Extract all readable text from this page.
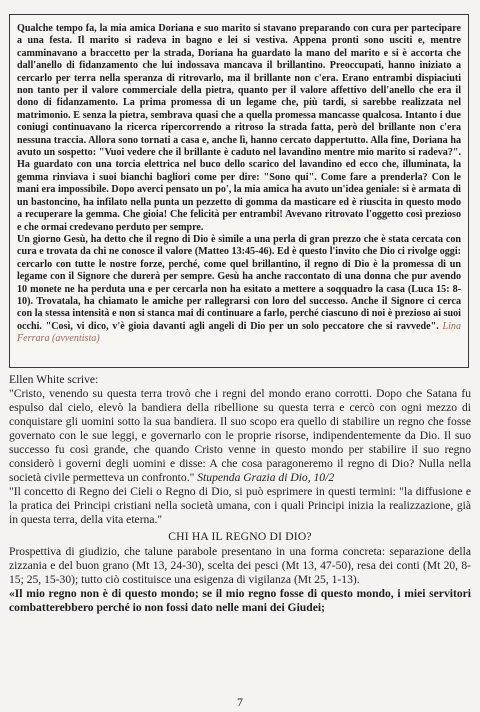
Qualche tempo fa, la mia amica Doriana e suo marito si stavano preparando con cura per partecipare a una festa. Il marito si radeva in bagno e lei si vestiva. Appena pronti sono usciti e, mentre camminavano a braccetto per la strada, Doriana ha guardato la mano del marito e si è accorta che dall'anello di fidanzamento che lui indossava mancava il brillantino. Preoccupati, hanno iniziato a cercarlo per terra nella speranza di ritrovarlo, ma il brillante non c'era. Erano entrambi dispiaciuti non tanto per il valore commerciale della pietra, quanto per il valore affettivo dell'anello che era il dono di fidanzamento. La prima promessa di un legame che, più tardi, si sarebbe realizzata nel matrimonio. E senza la pietra, sembrava quasi che a quella promessa mancasse qualcosa. Intanto i due coniugi continuavano la ricerca ripercorrendo a ritroso la strada fatta, però del brillante non c'era nessuna traccia. Allora sono tornati a casa e, anche lì, hanno cercato dappertutto. Alla fine, Doriana ha avuto un sospetto: "Vuoi vedere che il brillante è caduto nel lavandino mentre mio marito si radeva?". Ha guardato con una torcia elettrica nel buco dello scarico del lavandino ed ecco che, illuminata, la gemma rinviava i suoi bianchi bagliori come per dire: "Sono qui". Come fare a prenderla? Con le mani era impossibile. Dopo averci pensato un po', la mia amica ha avuto un'idea geniale: si è armata di un bastoncino, ha infilato nella punta un pezzetto di gomma da masticare ed è riuscita in questo modo a recuperare la gemma. Che gioia! Che felicità per entrambi! Avevano ritrovato l'oggetto così prezioso e che ormai credevano perduto per sempre.

Un giorno Gesù, ha detto che il regno di Dio è simile a una perla di gran prezzo che è stata cercata con cura e trovata da chi ne conosce il valore (Matteo 13:45-46). Ed è questo l'invito che Dio ci rivolge oggi: cercarlo con tutte le nostre forze, perché, come quel brillantino, il regno di Dio è la promessa di un legame con il Signore che durerà per sempre. Gesù ha anche raccontato di una donna che pur avendo 10 monete ne ha perduta una e per cercarla non ha esitato a mettere a soqquadro la casa (Luca 15: 8-10). Trovatala, ha chiamato le amiche per rallegrarsi con loro del successo. Anche il Signore ci cerca con la stessa intensità e non si stanca mai di continuare a farlo, perché ciascuno di noi è prezioso ai suoi occhi. "Così, vi dico, v'è gioia davanti agli angeli di Dio per un solo peccatore che si ravvede". Lina Ferrara (avventista)

Ellen White scrive:

"Cristo, venendo su questa terra trovò che i regni del mondo erano corrotti. Dopo che Satana fu espulso dal cielo, elevò la bandiera della ribellione su questa terra e cercò con ogni mezzo di conquistare gli uomini sotto la sua bandiera. Il suo scopo era quello di stabilire un regno che fosse governato con le sue leggi, e governarlo con le proprie risorse, indipendentemente da Dio. Il suo successo fu così grande, che quando Cristo venne in questo mondo per stabilire il suo regno considerò i governi degli uomini e disse: A che cosa paragoneremo il regno di Dio? Nulla nella società civile permetteva un confronto." Stupenda Grazia di Dio, 10/2

"Il concetto di Regno dei Cieli o Regno di Dio, si può esprimere in questi termini: "la diffusione e la pratica dei Principi cristiani nella società umana, con i quali Principi inizia la realizzazione, già in questa terra, della vita eterna."

CHI HA IL REGNO DI DIO?

Prospettiva di giudizio, che talune parabole presentano in una forma concreta: separazione della zizzania e del buon grano (Mt 13, 24-30), scelta dei pesci (Mt 13, 47-50), resa dei conti (Mt 20, 8-15; 25, 15-30); tutto ciò costituisce una esigenza di vigilanza (Mt 25, 1-13).

«Il mio regno non è di questo mondo; se il mio regno fosse di questo mondo, i miei servitori combatterebbero perché io non fossi dato nelle mani dei Giudei;

7
